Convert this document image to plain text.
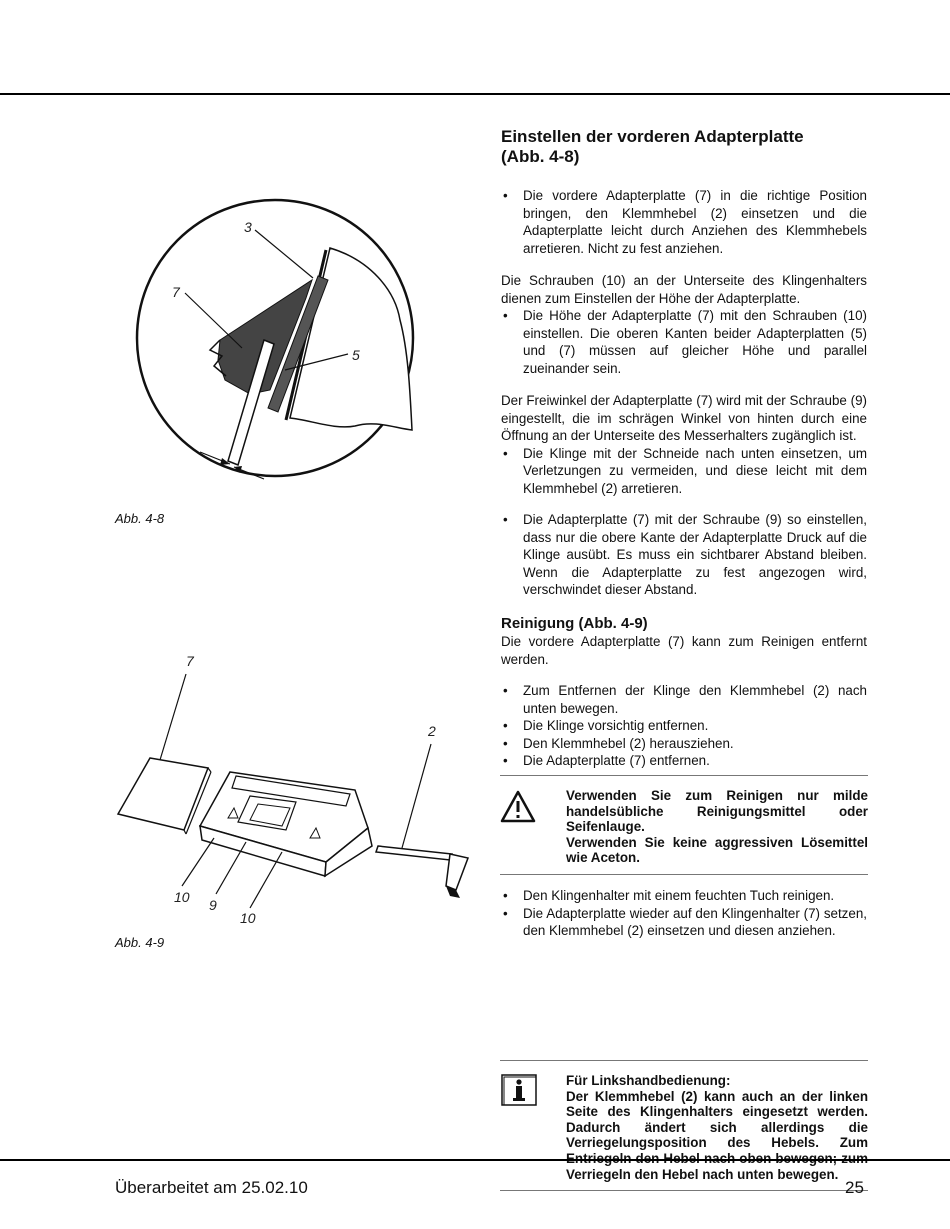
3
7
5
Abb. 4-8
7
2
10 9
10
Abb. 4-9
Einstellen der vorderen Adapterplatte
(Abb. 4-8)
• Die vordere Adapterplatte (7) in die richtige Position bringen, den Klemmhebel (2) einsetzen und die Adapterplatte leicht durch Anziehen des Klemmhebels arretieren. Nicht zu fest anziehen.

Die Schrauben (10) an der Unterseite des Klingenhalters dienen zum Einstellen der Höhe der Adapterplatte.

• Die Höhe der Adapterplatte (7) mit den Schrauben (10) einstellen. Die oberen Kanten beider Adapterplatten (5) und (7) müssen auf gleicher Höhe und parallel zueinander sein.

Der Freiwinkel der Adapterplatte (7) wird mit der Schraube (9) eingestellt, die im schrägen Winkel von hinten durch eine Öffnung an der Unterseite des Messerhalters zugänglich ist.

• Die Klinge mit der Schneide nach unten einsetzen, um Verletzungen zu vermeiden, und diese leicht mit dem Klemmhebel (2) arretieren.
• Die Adapterplatte (7) mit der Schraube (9) so einstellen, dass nur die obere Kante der Adapterplatte Druck auf die Klinge ausübt. Es muss ein sichtbarer Abstand bleiben. Wenn die Adapterplatte zu fest angezogen wird, verschwindet dieser Abstand.
Reinigung (Abb. 4-9)

Die vordere Adapterplatte (7) kann zum Reinigen entfernt werden.

• Zum Entfernen der Klinge den Klemmhebel (2) nach unten bewegen.
• Die Klinge vorsichtig entfernen.
• Den Klemmhebel (2) herausziehen.
• Die Adapterplatte (7) entfernen.
Verwenden Sie zum Reinigen nur milde handelsübliche Reinigungsmittel oder Seifenlauge.
Verwenden Sie keine aggressiven Lösemittel wie Aceton.
• Den Klingenhalter mit einem feuchten Tuch reinigen.
• Die Adapterplatte wieder auf den Klingenhalter (7) setzen, den Klemmhebel (2) einsetzen und diesen anziehen.
Für Linkshandbedienung:
Der Klemmhebel (2) kann auch an der linken Seite des Klingenhalters eingesetzt werden. Dadurch ändert sich allerdings die Verriegelungsposition des Hebels. Zum Verriegeln den Hebel nach unten bewegen.
Überarbeitet am 25.02.10	25
